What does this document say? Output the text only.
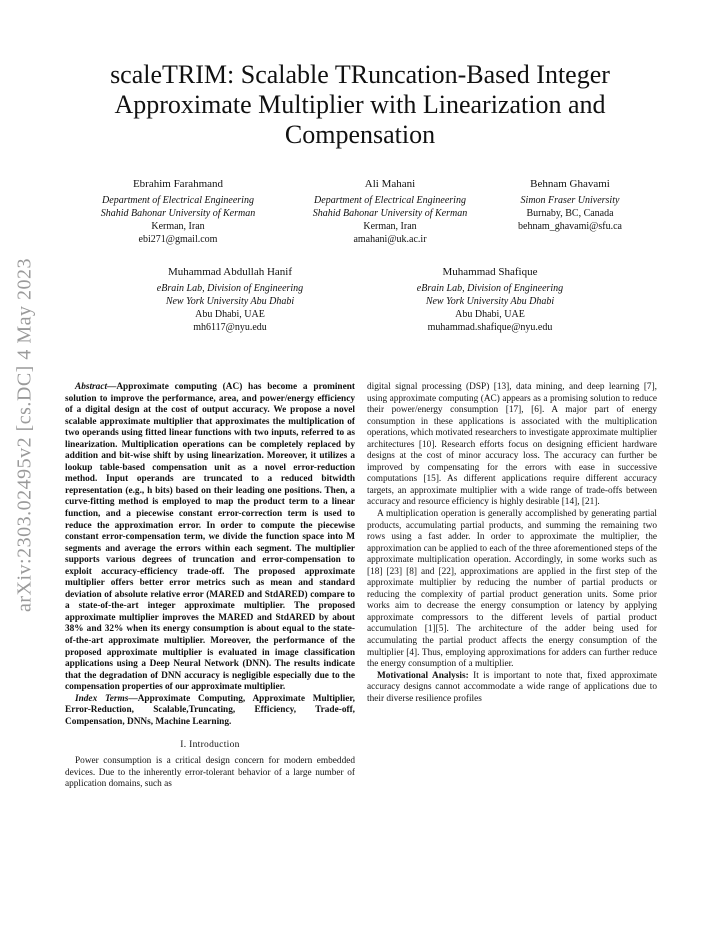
arXiv:2303.02495v2 [cs.DC] 4 May 2023
scaleTRIM: Scalable TRuncation-Based Integer Approximate Multiplier with Linearization and Compensation
Ebrahim Farahmand
Department of Electrical Engineering
Shahid Bahonar University of Kerman
Kerman, Iran
ebi271@gmail.com
Ali Mahani
Department of Electrical Engineering
Shahid Bahonar University of Kerman
Kerman, Iran
amahani@uk.ac.ir
Behnam Ghavami
Simon Fraser University
Burnaby, BC, Canada
behnam_ghavami@sfu.ca
Muhammad Abdullah Hanif
eBrain Lab, Division of Engineering
New York University Abu Dhabi
Abu Dhabi, UAE
mh6117@nyu.edu
Muhammad Shafique
eBrain Lab, Division of Engineering
New York University Abu Dhabi
Abu Dhabi, UAE
muhammad.shafique@nyu.edu

Abstract—Approximate computing (AC) has become a prominent solution to improve the performance, area, and power/energy efficiency of a digital design at the cost of output accuracy. We propose a novel scalable approximate multiplier that approximates the multiplication of two operands using fitted linear functions with two inputs, referred to as linearization. Multiplication operations can be completely replaced by addition and bit-wise shift by using linearization. Moreover, it utilizes a lookup table-based compensation unit as a novel error-reduction method. Input operands are truncated to a reduced bitwidth representation (e.g., h bits) based on their leading one positions. Then, a curve-fitting method is employed to map the product term to a linear function, and a piecewise constant error-correction term is used to reduce the approximation error. In order to compute the piecewise constant error-compensation term, we divide the function space into M segments and average the errors within each segment. The multiplier supports various degrees of truncation and error-compensation to exploit accuracy-efficiency trade-off. The proposed approximate multiplier offers better error metrics such as mean and standard deviation of absolute relative error (MARED and StdARED) compare to a state-of-the-art integer approximate multiplier. The proposed approximate multiplier improves the MARED and StdARED by about 38% and 32% when its energy consumption is about equal to the state-of-the-art approximate multiplier. Moreover, the performance of the proposed approximate multiplier is evaluated in image classification applications using a Deep Neural Network (DNN). The results indicate that the degradation of DNN accuracy is negligible especially due to the compensation properties of our approximate multiplier.

Index Terms—Approximate Computing, Approximate Multiplier, Error-Reduction, Scalable,Truncating, Efficiency, Trade-off, Compensation, DNNs, Machine Learning.

I. Introduction

Power consumption is a critical design concern for modern embedded devices. Due to the inherently error-tolerant behavior of a large number of application domains, such as

digital signal processing (DSP) [13], data mining, and deep learning [7], using approximate computing (AC) appears as a promising solution to reduce their power/energy consumption [17], [6]. A major part of energy consumption in these applications is associated with the multiplication operations, which motivated researchers to investigate approximate multiplier architectures [10]. Research efforts focus on designing efficient hardware designs at the cost of minor accuracy loss. The accuracy can further be improved by compensating for the errors with ease in successive computations [15]. As different applications require different accuracy targets, an approximate multiplier with a wide range of trade-offs between accuracy and resource efficiency is highly desirable [14], [21].

A multiplication operation is generally accomplished by generating partial products, accumulating partial products, and summing the remaining two rows using a fast adder. In order to approximate the multiplier, the approximation can be applied to each of the three aforementioned steps of the approximate multiplication operation. Accordingly, in some works such as [18] [23] [8] and [22], approximations are applied in the first step of the approximate multiplier by reducing the number of partial products or reducing the complexity of partial product generation units. Some prior works aim to decrease the energy consumption or latency by applying approximate compressors to the different levels of partial product accumulation [1][5]. The architecture of the adder being used for accumulating the partial product affects the energy consumption of the multiplier [4]. Thus, employing approximations for adders can further reduce the energy consumption of a multiplier.

Motivational Analysis: It is important to note that, fixed approximate accuracy designs cannot accommodate a wide range of applications due to their diverse resilience profiles
